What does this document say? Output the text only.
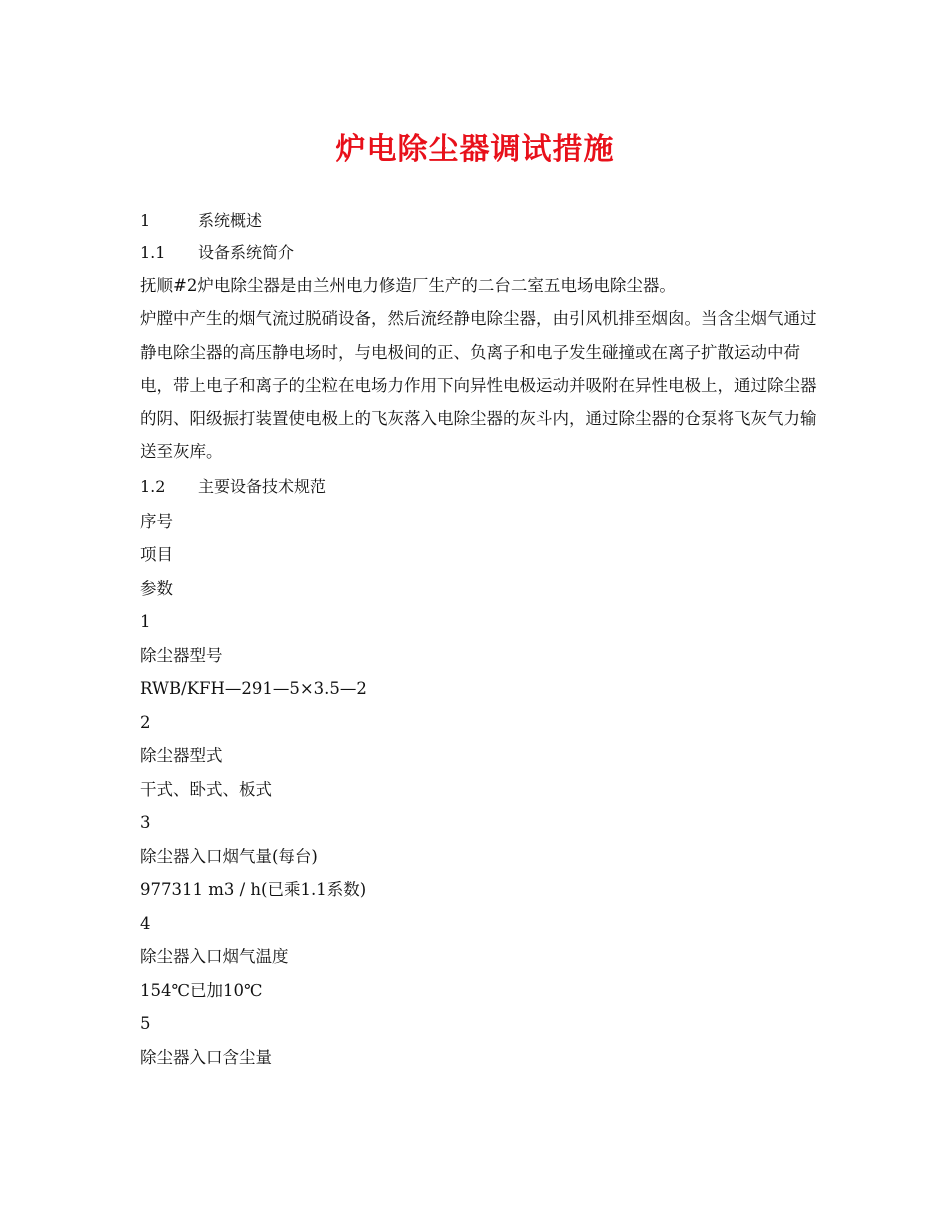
炉电除尘器调试措施
1	系统概述
1.1 设备系统简介

抚顺#2炉电除尘器是由兰州电力修造厂生产的二台二室五电场电除尘器。

炉膛中产生的烟气流过脱硝设备，然后流经静电除尘器，由引风机排至烟囱。当含尘烟气通过静电除尘器的高压静电场时，与电极间的正、负离子和电子发生碰撞或在离子扩散运动中荷电，带上电子和离子的尘粒在电场力作用下向异性电极运动并吸附在异性电极上，通过除尘器的阴、阳级振打装置使电极上的飞灰落入电除尘器的灰斗内，通过除尘器的仓泵将飞灰气力输送至灰库。

1.2 主要设备技术规范
序号
项目
参数
1
除尘器型号
RWB/KFH—291—5×3.5—2
2
除尘器型式
干式、卧式、板式
3
除尘器入口烟气量(每台)
977311 m3 / h(已乘1.1系数)
4
除尘器入口烟气温度
154℃已加10℃
5
除尘器入口含尘量
